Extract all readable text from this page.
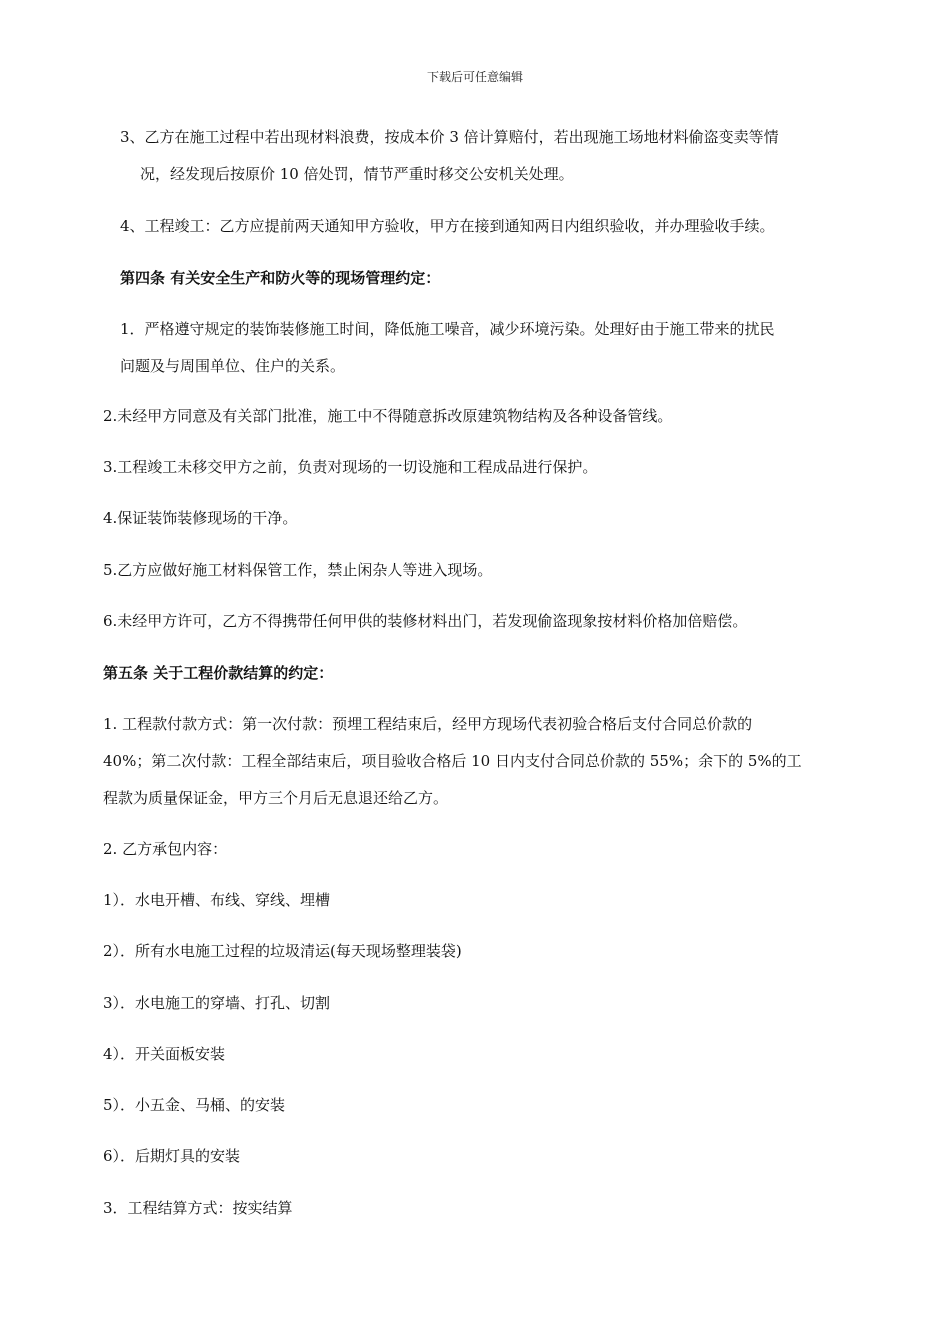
下载后可任意编辑
3、乙方在施工过程中若出现材料浪费，按成本价 3 倍计算赔付，若出现施工场地材料偷盗变卖等情
况，经发现后按原价 10 倍处罚，情节严重时移交公安机关处理。
4、工程竣工：乙方应提前两天通知甲方验收，甲方在接到通知两日内组织验收，并办理验收手续。
第四条 有关安全生产和防火等的现场管理约定：
1．严格遵守规定的装饰装修施工时间，降低施工噪音，减少环境污染。处理好由于施工带来的扰民
问题及与周围单位、住户的关系。
2.未经甲方同意及有关部门批准，施工中不得随意拆改原建筑物结构及各种设备管线。
3.工程竣工未移交甲方之前，负责对现场的一切设施和工程成品进行保护。
4.保证装饰装修现场的干净。
5.乙方应做好施工材料保管工作，禁止闲杂人等进入现场。
6.未经甲方许可，乙方不得携带任何甲供的装修材料出门，若发现偷盗现象按材料价格加倍赔偿。
第五条 关于工程价款结算的约定：
1. 工程款付款方式：第一次付款：预埋工程结束后，经甲方现场代表初验合格后支付合同总价款的
40%；第二次付款：工程全部结束后，项目验收合格后 10 日内支付合同总价款的 55%；余下的 5%的工
程款为质量保证金，甲方三个月后无息退还给乙方。
2. 乙方承包内容：
1）．水电开槽、布线、穿线、埋槽
2）．所有水电施工过程的垃圾清运(每天现场整理装袋)
3）．水电施工的穿墙、打孔、切割
4）．开关面板安装
5）．小五金、马桶、的安装
6）．后期灯具的安装
3．工程结算方式：按实结算
